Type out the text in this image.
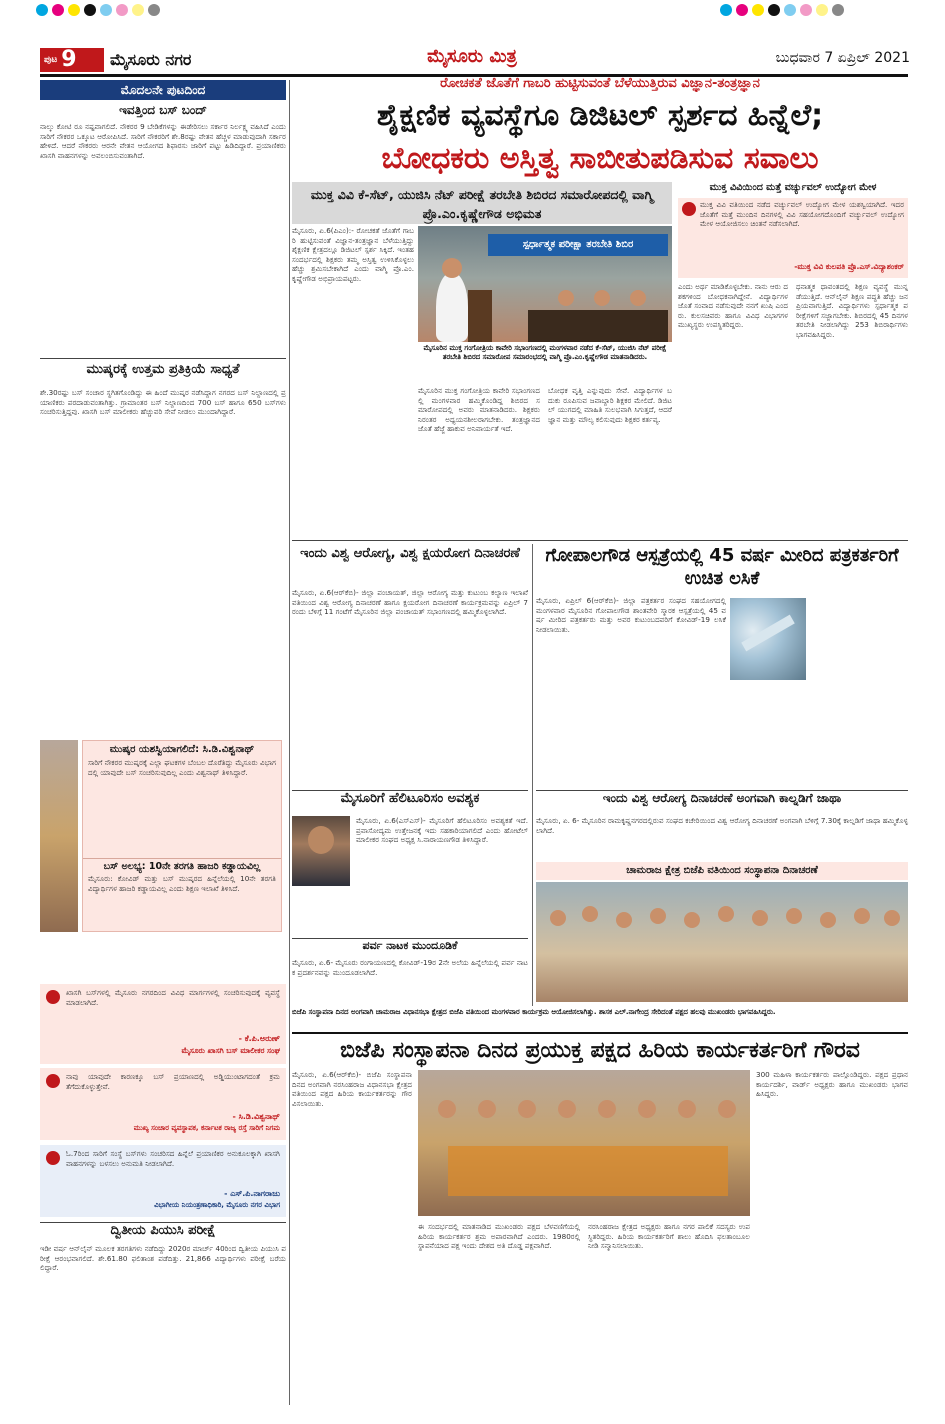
ಪುಟ 9 ಮೈಸೂರು ನಗರ	ಮೈಸೂರು ಮಿತ್ರ	ಬುಧವಾರ 7 ಏಪ್ರಿಲ್ 2021
ಮೊದಲನೇ ಪುಟದಿಂದ
ಇವತ್ತಿಂದ ಬಸ್ ಬಂದ್
ನಾಲ್ಕು ಕೋಟಿ ರೂ ನಷ್ಟವಾಗಲಿದೆ. ನೌಕರರ 9 ಬೇಡಿಕೆಗಳನ್ನು ಈಡೇರಿಸಲು ಸರ್ಕಾರ ನಿರ್ಲಕ್ಷ್ಯ ವಹಿಸಿದೆ ಎಂದು ಸಾರಿಗೆ ನೌಕರರ ಒಕ್ಕೂಟ ಆರೋಪಿಸಿದೆ. ಸಾರಿಗೆ ನೌಕರರಿಗೆ ಶೇ.8ರಷ್ಟು ವೇತನ ಹೆಚ್ಚಳ ಮಾಡುವುದಾಗಿ ಸರ್ಕಾರ ಹೇಳಿದೆ. ಆದರೆ ನೌಕರರು ಆರನೇ ವೇತನ ಆಯೋಗದ ಶಿಫಾರಸು ಜಾರಿಗೆ ಪಟ್ಟು ಹಿಡಿದಿದ್ದಾರೆ. ಪ್ರಯಾಣಿಕರು ಖಾಸಗಿ ವಾಹನಗಳನ್ನು ಅವಲಂಬಿಸುವಂತಾಗಿದೆ.
ಮುಷ್ಕರಕ್ಕೆ ಉತ್ತಮ ಪ್ರತಿಕ್ರಿಯೆ ಸಾಧ್ಯತೆ
ಶೇ.30ರಷ್ಟು ಬಸ್ ಸಂಚಾರ ಸ್ಥಗಿತಗೊಂಡಿದ್ದು ಈ ಹಿಂದೆ ಮುಷ್ಕರ ನಡೆಸಿದ್ದಾಗ ನಗರದ ಬಸ್ ನಿಲ್ದಾಣದಲ್ಲಿ ಪ್ರಯಾಣಿಕರು ಪರದಾಡುವಂತಾಗಿತ್ತು. ಗ್ರಾಮಾಂತರ ಬಸ್ ನಿಲ್ದಾಣದಿಂದ 700 ಬಸ್ ಹಾಗೂ 650 ಬಸ್‌ಗಳು ಸಂಚರಿಸುತ್ತಿದ್ದವು. ಖಾಸಗಿ ಬಸ್ ಮಾಲೀಕರು ಹೆಚ್ಚುವರಿ ಸೇವೆ ನೀಡಲು ಮುಂದಾಗಿದ್ದಾರೆ.
ಮುಷ್ಕರ ಯಶಸ್ವಿಯಾಗಲಿದೆ: ಸಿ.ಡಿ.ವಿಶ್ವನಾಥ್
ಸಾರಿಗೆ ನೌಕರರ ಮುಷ್ಕರಕ್ಕೆ ಎಲ್ಲಾ ಘಟಕಗಳ ಬೆಂಬಲ ದೊರೆತಿದ್ದು ಮೈಸೂರು ವಿಭಾಗದಲ್ಲಿ ಯಾವುದೇ ಬಸ್ ಸಂಚರಿಸುವುದಿಲ್ಲ ಎಂದು ವಿಶ್ವನಾಥ್ ತಿಳಿಸಿದ್ದಾರೆ.
ಬಸ್ ಅಲಭ್ಯ: 10ನೇ ತರಗತಿ ಹಾಜರಿ ಕಡ್ಡಾಯವಿಲ್ಲ
ಮೈಸೂರು: ಕೋವಿಡ್ ಮತ್ತು ಬಸ್ ಮುಷ್ಕರದ ಹಿನ್ನೆಲೆಯಲ್ಲಿ 10ನೇ ತರಗತಿ ವಿದ್ಯಾರ್ಥಿಗಳ ಹಾಜರಿ ಕಡ್ಡಾಯವಿಲ್ಲ ಎಂದು ಶಿಕ್ಷಣ ಇಲಾಖೆ ತಿಳಿಸಿದೆ.
ಖಾಸಗಿ ಬಸ್‌ಗಳಲ್ಲಿ ಮೈಸೂರು ನಗರದಿಂದ ವಿವಿಧ ಮಾರ್ಗಗಳಲ್ಲಿ ಸಂಚರಿಸುವುದಕ್ಕೆ ವ್ಯವಸ್ಥೆ ಮಾಡಲಾಗಿದೆ.
- ಕೆ.ಪಿ.ಅರುಣ್
ಮೈಸೂರು ಖಾಸಗಿ ಬಸ್ ಮಾಲೀಕರ ಸಂಘ
ನಾವು ಯಾವುದೇ ಕಾರಣಕ್ಕೂ ಬಸ್ ಪ್ರಯಾಣದಲ್ಲಿ ಅಡ್ಡಿಯುಂಟಾಗದಂತೆ ಕ್ರಮ ತೆಗೆದುಕೊಳ್ಳುತ್ತೇವೆ.
- ಸಿ.ಡಿ.ವಿಶ್ವನಾಥ್
ಮುಖ್ಯ ಸಂಚಾರ ವ್ಯವಸ್ಥಾಪಕ, ಕರ್ನಾಟಕ ರಾಜ್ಯ ರಸ್ತೆ ಸಾರಿಗೆ ನಿಗಮ
ಓ.7ರಿಂದ ಸಾರಿಗೆ ಸಂಸ್ಥೆ ಬಸ್‌ಗಳು ಸಂಚರಿಸದ ಹಿನ್ನೆಲೆ ಪ್ರಯಾಣಿಕರ ಅನುಕೂಲಕ್ಕಾಗಿ ಖಾಸಗಿ ವಾಹನಗಳನ್ನು ಬಳಸಲು ಅನುಮತಿ ನೀಡಲಾಗಿದೆ.
- ಎಸ್.ಪಿ.ನಾಗರಾಜು
ವಿಭಾಗೀಯ ನಿಯಂತ್ರಣಾಧಿಕಾರಿ, ಮೈಸೂರು ನಗರ ವಿಭಾಗ
ದ್ವಿತೀಯ ಪಿಯುಸಿ ಪರೀಕ್ಷೆ
ಇಡೀ ವರ್ಷ ಆನ್‌ಲೈನ್ ಮೂಲಕ ತರಗತಿಗಳು ನಡೆದಿದ್ದು 2020ರ ಮಾರ್ಚ್ 40ರಿಂದ ದ್ವಿತೀಯ ಪಿಯುಸಿ ಪರೀಕ್ಷೆ ಆರಂಭವಾಗಲಿದೆ. ಶೇ.61.80 ಫಲಿತಾಂಶ ಪಡೆದಿತ್ತು. 21,866 ವಿದ್ಯಾರ್ಥಿಗಳು ಪರೀಕ್ಷೆ ಬರೆಯಲಿದ್ದಾರೆ.
ರೋಚಕತೆ ಜೊತೆಗೆ ಗಾಬರಿ ಹುಟ್ಟಿಸುವಂತೆ ಬೆಳೆಯುತ್ತಿರುವ ವಿಜ್ಞಾನ-ತಂತ್ರಜ್ಞಾನ
ಶೈಕ್ಷಣಿಕ ವ್ಯವಸ್ಥೆಗೂ ಡಿಜಿಟಲ್ ಸ್ಪರ್ಶದ ಹಿನ್ನೆಲೆ;
ಬೋಧಕರು ಅಸ್ತಿತ್ವ ಸಾಬೀತುಪಡಿಸುವ ಸವಾಲು
ಮುಕ್ತ ವಿವಿ ಕೆ-ಸೆಟ್, ಯುಜಿಸಿ ನೆಟ್ ಪರೀಕ್ಷೆ ತರಬೇತಿ ಶಿಬಿರದ ಸಮಾರೋಪದಲ್ಲಿ ವಾಗ್ಮಿ ಪ್ರೊ.ಎಂ.ಕೃಷ್ಣೇಗೌಡ ಅಭಿಮತ
ಸ್ಪರ್ಧಾತ್ಮಕ ಪರೀಕ್ಷಾ ತರಬೇತಿ ಶಿಬಿರ
ಮೈಸೂರಿನ ಮುಕ್ತ ಗಂಗೋತ್ರಿಯ ಕಾವೇರಿ ಸಭಾಂಗಣದಲ್ಲಿ ಮಂಗಳವಾರ ನಡೆದ ಕೆ-ಸೆಟ್, ಯುಜಿಸಿ ನೆಟ್ ಪರೀಕ್ಷೆ ತರಬೇತಿ ಶಿಬಿರದ ಸಮಾರೋಪ ಸಮಾರಂಭದಲ್ಲಿ ವಾಗ್ಮಿ ಪ್ರೊ.ಎಂ.ಕೃಷ್ಣೇಗೌಡ ಮಾತನಾಡಿದರು.
ಮೈಸೂರು, ಏ.6(ಪಿಎಂ):- ರೋಚಕತೆ ಜೊತೆಗೆ ಗಾಬರಿ ಹುಟ್ಟಿಸುವಂತೆ ವಿಜ್ಞಾನ-ತಂತ್ರಜ್ಞಾನ ಬೆಳೆಯುತ್ತಿದ್ದು ಶೈಕ್ಷಣಿಕ ಕ್ಷೇತ್ರದಲ್ಲೂ ಡಿಜಿಟಲ್ ಸ್ಪರ್ಶ ಸಿಕ್ಕಿದೆ. ಇಂತಹ ಸಂದರ್ಭದಲ್ಲಿ ಶಿಕ್ಷಕರು ತಮ್ಮ ಅಸ್ತಿತ್ವ ಉಳಿಸಿಕೊಳ್ಳಲು ಹೆಚ್ಚು ಶ್ರಮಿಸಬೇಕಾಗಿದೆ ಎಂದು ವಾಗ್ಮಿ ಪ್ರೊ.ಎಂ.ಕೃಷ್ಣೇಗೌಡ ಅಭಿಪ್ರಾಯಪಟ್ಟರು.
ಮೈಸೂರಿನ ಮುಕ್ತ ಗಂಗೋತ್ರಿಯ ಕಾವೇರಿ ಸಭಾಂಗಣದಲ್ಲಿ ಮಂಗಳವಾರ ಹಮ್ಮಿಕೊಂಡಿದ್ದ ಶಿಬಿರದ ಸಮಾರೋಪದಲ್ಲಿ ಅವರು ಮಾತನಾಡಿದರು. ಶಿಕ್ಷಕರು ನಿರಂತರ ಅಧ್ಯಯನಶೀಲರಾಗಬೇಕು. ತಂತ್ರಜ್ಞಾನದ ಜೊತೆ ಹೆಜ್ಜೆ ಹಾಕುವ ಅನಿವಾರ್ಯತೆ ಇದೆ.
ಬೋಧಕ ವೃತ್ತಿ ಎನ್ನುವುದು ಸೇವೆ. ವಿದ್ಯಾರ್ಥಿಗಳ ಬದುಕು ರೂಪಿಸುವ ಜವಾಬ್ದಾರಿ ಶಿಕ್ಷಕರ ಮೇಲಿದೆ. ಡಿಜಿಟಲ್ ಯುಗದಲ್ಲಿ ಮಾಹಿತಿ ಸುಲಭವಾಗಿ ಸಿಗುತ್ತದೆ, ಆದರೆ ಜ್ಞಾನ ಮತ್ತು ಮೌಲ್ಯ ಕಲಿಸುವುದು ಶಿಕ್ಷಕರ ಕರ್ತವ್ಯ.
ಮುಕ್ತ ವಿವಿಯಿಂದ ಮತ್ತೆ ವರ್ಚ್ಯುವಲ್ ಉದ್ಯೋಗ ಮೇಳ
ಮುಕ್ತ ವಿವಿ ವತಿಯಿಂದ ನಡೆದ ವರ್ಚ್ಯುವಲ್ ಉದ್ಯೋಗ ಮೇಳ ಯಶಸ್ವಿಯಾಗಿದೆ. ಇದರ ಜೊತೆಗೆ ಮತ್ತೆ ಮುಂದಿನ ದಿನಗಳಲ್ಲಿ ವಿವಿ ಸಹಯೋಗದೊಂದಿಗೆ ವರ್ಚ್ಯುವಲ್ ಉದ್ಯೋಗ ಮೇಳ ಆಯೋಜಿಸಲು ಚಿಂತನೆ ನಡೆಸಲಾಗಿದೆ.
-ಮುಕ್ತ ವಿವಿ ಕುಲಪತಿ ಪ್ರೊ.ಎಸ್.ವಿದ್ಯಾಶಂಕರ್
ಎಂದು ಅರ್ಥ ಮಾಡಿಕೊಳ್ಳಬೇಕು. ನಾನು ಆರು ದಶಕಗಳಿಂದ ಬೋಧಕನಾಗಿದ್ದೇನೆ. ವಿದ್ಯಾರ್ಥಿಗಳ ಜೊತೆ ಸಂವಾದ ನಡೆಸುವುದೇ ನನಗೆ ಖುಷಿ ಎಂದರು. ಕುಲಸಚಿವರು ಹಾಗೂ ವಿವಿಧ ವಿಭಾಗಗಳ ಮುಖ್ಯಸ್ಥರು ಉಪಸ್ಥಿತರಿದ್ದರು.
ಧನಾತ್ಮಕ ಧಾವಂತದಲ್ಲಿ ಶಿಕ್ಷಣ ವ್ಯವಸ್ಥೆ ಮುನ್ನಡೆಯುತ್ತಿದೆ. ಆನ್‌ಲೈನ್ ಶಿಕ್ಷಣ ಪದ್ಧತಿ ಹೆಚ್ಚು ಜನಪ್ರಿಯವಾಗುತ್ತಿದೆ. ವಿದ್ಯಾರ್ಥಿಗಳು ಸ್ಪರ್ಧಾತ್ಮಕ ಪರೀಕ್ಷೆಗಳಿಗೆ ಸಜ್ಜಾಗಬೇಕು. ಶಿಬಿರದಲ್ಲಿ 45 ದಿನಗಳ ತರಬೇತಿ ನೀಡಲಾಗಿದ್ದು 253 ಶಿಬಿರಾರ್ಥಿಗಳು ಭಾಗವಹಿಸಿದ್ದರು.
ಇಂದು ವಿಶ್ವ ಆರೋಗ್ಯ, ವಿಶ್ವ ಕ್ಷಯರೋಗ ದಿನಾಚರಣೆ
ಮೈಸೂರು, ಏ.6(ಆರ್‌ಕೆಬಿ)- ಜಿಲ್ಲಾ ಪಂಚಾಯತ್, ಜಿಲ್ಲಾ ಆರೋಗ್ಯ ಮತ್ತು ಕುಟುಂಬ ಕಲ್ಯಾಣ ಇಲಾಖೆ ವತಿಯಿಂದ ವಿಶ್ವ ಆರೋಗ್ಯ ದಿನಾಚರಣೆ ಹಾಗೂ ಕ್ಷಯರೋಗ ದಿನಾಚರಣೆ ಕಾರ್ಯಕ್ರಮವನ್ನು ಏಪ್ರಿಲ್ 7 ರಂದು ಬೆಳಿಗ್ಗೆ 11 ಗಂಟೆಗೆ ಮೈಸೂರಿನ ಜಿಲ್ಲಾ ಪಂಚಾಯತ್ ಸಭಾಂಗಣದಲ್ಲಿ ಹಮ್ಮಿಕೊಳ್ಳಲಾಗಿದೆ.
ಮೈಸೂರಿಗೆ ಹೆಲಿಟೂರಿಸಂ ಅವಶ್ಯಕ
ಮೈಸೂರು, ಏ.6(ಎಸ್‌ಎಸ್)- ಮೈಸೂರಿಗೆ ಹೆಲಿಟೂರಿಸಂ ಅವಶ್ಯಕತೆ ಇದೆ. ಪ್ರವಾಸೋದ್ಯಮ ಉತ್ತೇಜನಕ್ಕೆ ಇದು ಸಹಕಾರಿಯಾಗಲಿದೆ ಎಂದು ಹೋಟೆಲ್ ಮಾಲೀಕರ ಸಂಘದ ಅಧ್ಯಕ್ಷ ಸಿ.ನಾರಾಯಣಗೌಡ ತಿಳಿಸಿದ್ದಾರೆ.
ಪರ್ವ ನಾಟಕ ಮುಂದೂಡಿಕೆ
ಮೈಸೂರು, ಏ.6- ಮೈಸೂರು ರಂಗಾಯಣದಲ್ಲಿ ಕೋವಿಡ್-19ರ 2ನೇ ಅಲೆಯ ಹಿನ್ನೆಲೆಯಲ್ಲಿ ಪರ್ವ ನಾಟಕ ಪ್ರದರ್ಶನವನ್ನು ಮುಂದೂಡಲಾಗಿದೆ.
ಗೋಪಾಲಗೌಡ ಆಸ್ಪತ್ರೆಯಲ್ಲಿ 45 ವರ್ಷ ಮೀರಿದ ಪತ್ರಕರ್ತರಿಗೆ ಉಚಿತ ಲಸಿಕೆ
ಮೈಸೂರು, ಏಪ್ರಿಲ್ 6(ಆರ್‌ಕೆಬಿ)- ಜಿಲ್ಲಾ ಪತ್ರಕರ್ತರ ಸಂಘದ ಸಹಯೋಗದಲ್ಲಿ ಮಂಗಳವಾರ ಮೈಸೂರಿನ ಗೋಪಾಲಗೌಡ ಶಾಂತವೇರಿ ಸ್ಮಾರಕ ಆಸ್ಪತ್ರೆಯಲ್ಲಿ 45 ವರ್ಷ ಮೀರಿದ ಪತ್ರಕರ್ತರು ಮತ್ತು ಅವರ ಕುಟುಂಬದವರಿಗೆ ಕೋವಿಡ್-19 ಲಸಿಕೆ ನೀಡಲಾಯಿತು.
ಇಂದು ವಿಶ್ವ ಆರೋಗ್ಯ ದಿನಾಚರಣೆ ಅಂಗವಾಗಿ ಕಾಲ್ನಡಿಗೆ ಜಾಥಾ
ಮೈಸೂರು, ಏ. 6- ಮೈಸೂರಿನ ರಾಮಕೃಷ್ಣನಗರದಲ್ಲಿರುವ ಸಂಘದ ಕಚೇರಿಯಿಂದ ವಿಶ್ವ ಆರೋಗ್ಯ ದಿನಾಚರಣೆ ಅಂಗವಾಗಿ ಬೆಳಿಗ್ಗೆ 7.30ಕ್ಕೆ ಕಾಲ್ನಡಿಗೆ ಜಾಥಾ ಹಮ್ಮಿಕೊಳ್ಳಲಾಗಿದೆ.
ಚಾಮರಾಜ ಕ್ಷೇತ್ರ ಬಿಜೆಪಿ ವತಿಯಿಂದ ಸಂಸ್ಥಾಪನಾ ದಿನಾಚರಣೆ
ಬಿಜೆಪಿ ಸಂಸ್ಥಾಪನಾ ದಿನದ ಅಂಗವಾಗಿ ಚಾಮರಾಜ ವಿಧಾನಸಭಾ ಕ್ಷೇತ್ರದ ಬಿಜೆಪಿ ವತಿಯಿಂದ ಮಂಗಳವಾರ ಕಾರ್ಯಕ್ರಮ ಆಯೋಜಿಸಲಾಗಿತ್ತು. ಶಾಸಕ ಎಲ್.ನಾಗೇಂದ್ರ ಸೇರಿದಂತೆ ಪಕ್ಷದ ಹಲವು ಮುಖಂಡರು ಭಾಗವಹಿಸಿದ್ದರು.
ಬಿಜೆಪಿ ಸಂಸ್ಥಾಪನಾ ದಿನದ ಪ್ರಯುಕ್ತ ಪಕ್ಷದ ಹಿರಿಯ ಕಾರ್ಯಕರ್ತರಿಗೆ ಗೌರವ
ಮೈಸೂರು, ಏ.6(ಆರ್‌ಕೆಬಿ)- ಬಿಜೆಪಿ ಸಂಸ್ಥಾಪನಾ ದಿನದ ಅಂಗವಾಗಿ ನರಸಿಂಹರಾಜ ವಿಧಾನಸಭಾ ಕ್ಷೇತ್ರದ ವತಿಯಿಂದ ಪಕ್ಷದ ಹಿರಿಯ ಕಾರ್ಯಕರ್ತರನ್ನು ಗೌರವಿಸಲಾಯಿತು.
ಈ ಸಂದರ್ಭದಲ್ಲಿ ಮಾತನಾಡಿದ ಮುಖಂಡರು ಪಕ್ಷದ ಬೆಳವಣಿಗೆಯಲ್ಲಿ ಹಿರಿಯ ಕಾರ್ಯಕರ್ತರ ಶ್ರಮ ಅಪಾರವಾಗಿದೆ ಎಂದರು. 1980ರಲ್ಲಿ ಸ್ಥಾಪನೆಯಾದ ಪಕ್ಷ ಇಂದು ದೇಶದ ಅತಿ ದೊಡ್ಡ ಪಕ್ಷವಾಗಿದೆ.
ನರಸಿಂಹರಾಜ ಕ್ಷೇತ್ರದ ಅಧ್ಯಕ್ಷರು ಹಾಗೂ ನಗರ ಪಾಲಿಕೆ ಸದಸ್ಯರು ಉಪಸ್ಥಿತರಿದ್ದರು. ಹಿರಿಯ ಕಾರ್ಯಕರ್ತರಿಗೆ ಶಾಲು ಹೊದಿಸಿ ಫಲತಾಂಬೂಲ ನೀಡಿ ಸನ್ಮಾನಿಸಲಾಯಿತು.
300 ಮಹಿಳಾ ಕಾರ್ಯಕರ್ತರು ಪಾಲ್ಗೊಂಡಿದ್ದರು. ಪಕ್ಷದ ಪ್ರಧಾನ ಕಾರ್ಯದರ್ಶಿ, ವಾರ್ಡ್ ಅಧ್ಯಕ್ಷರು ಹಾಗೂ ಮುಖಂಡರು ಭಾಗವಹಿಸಿದ್ದರು.
